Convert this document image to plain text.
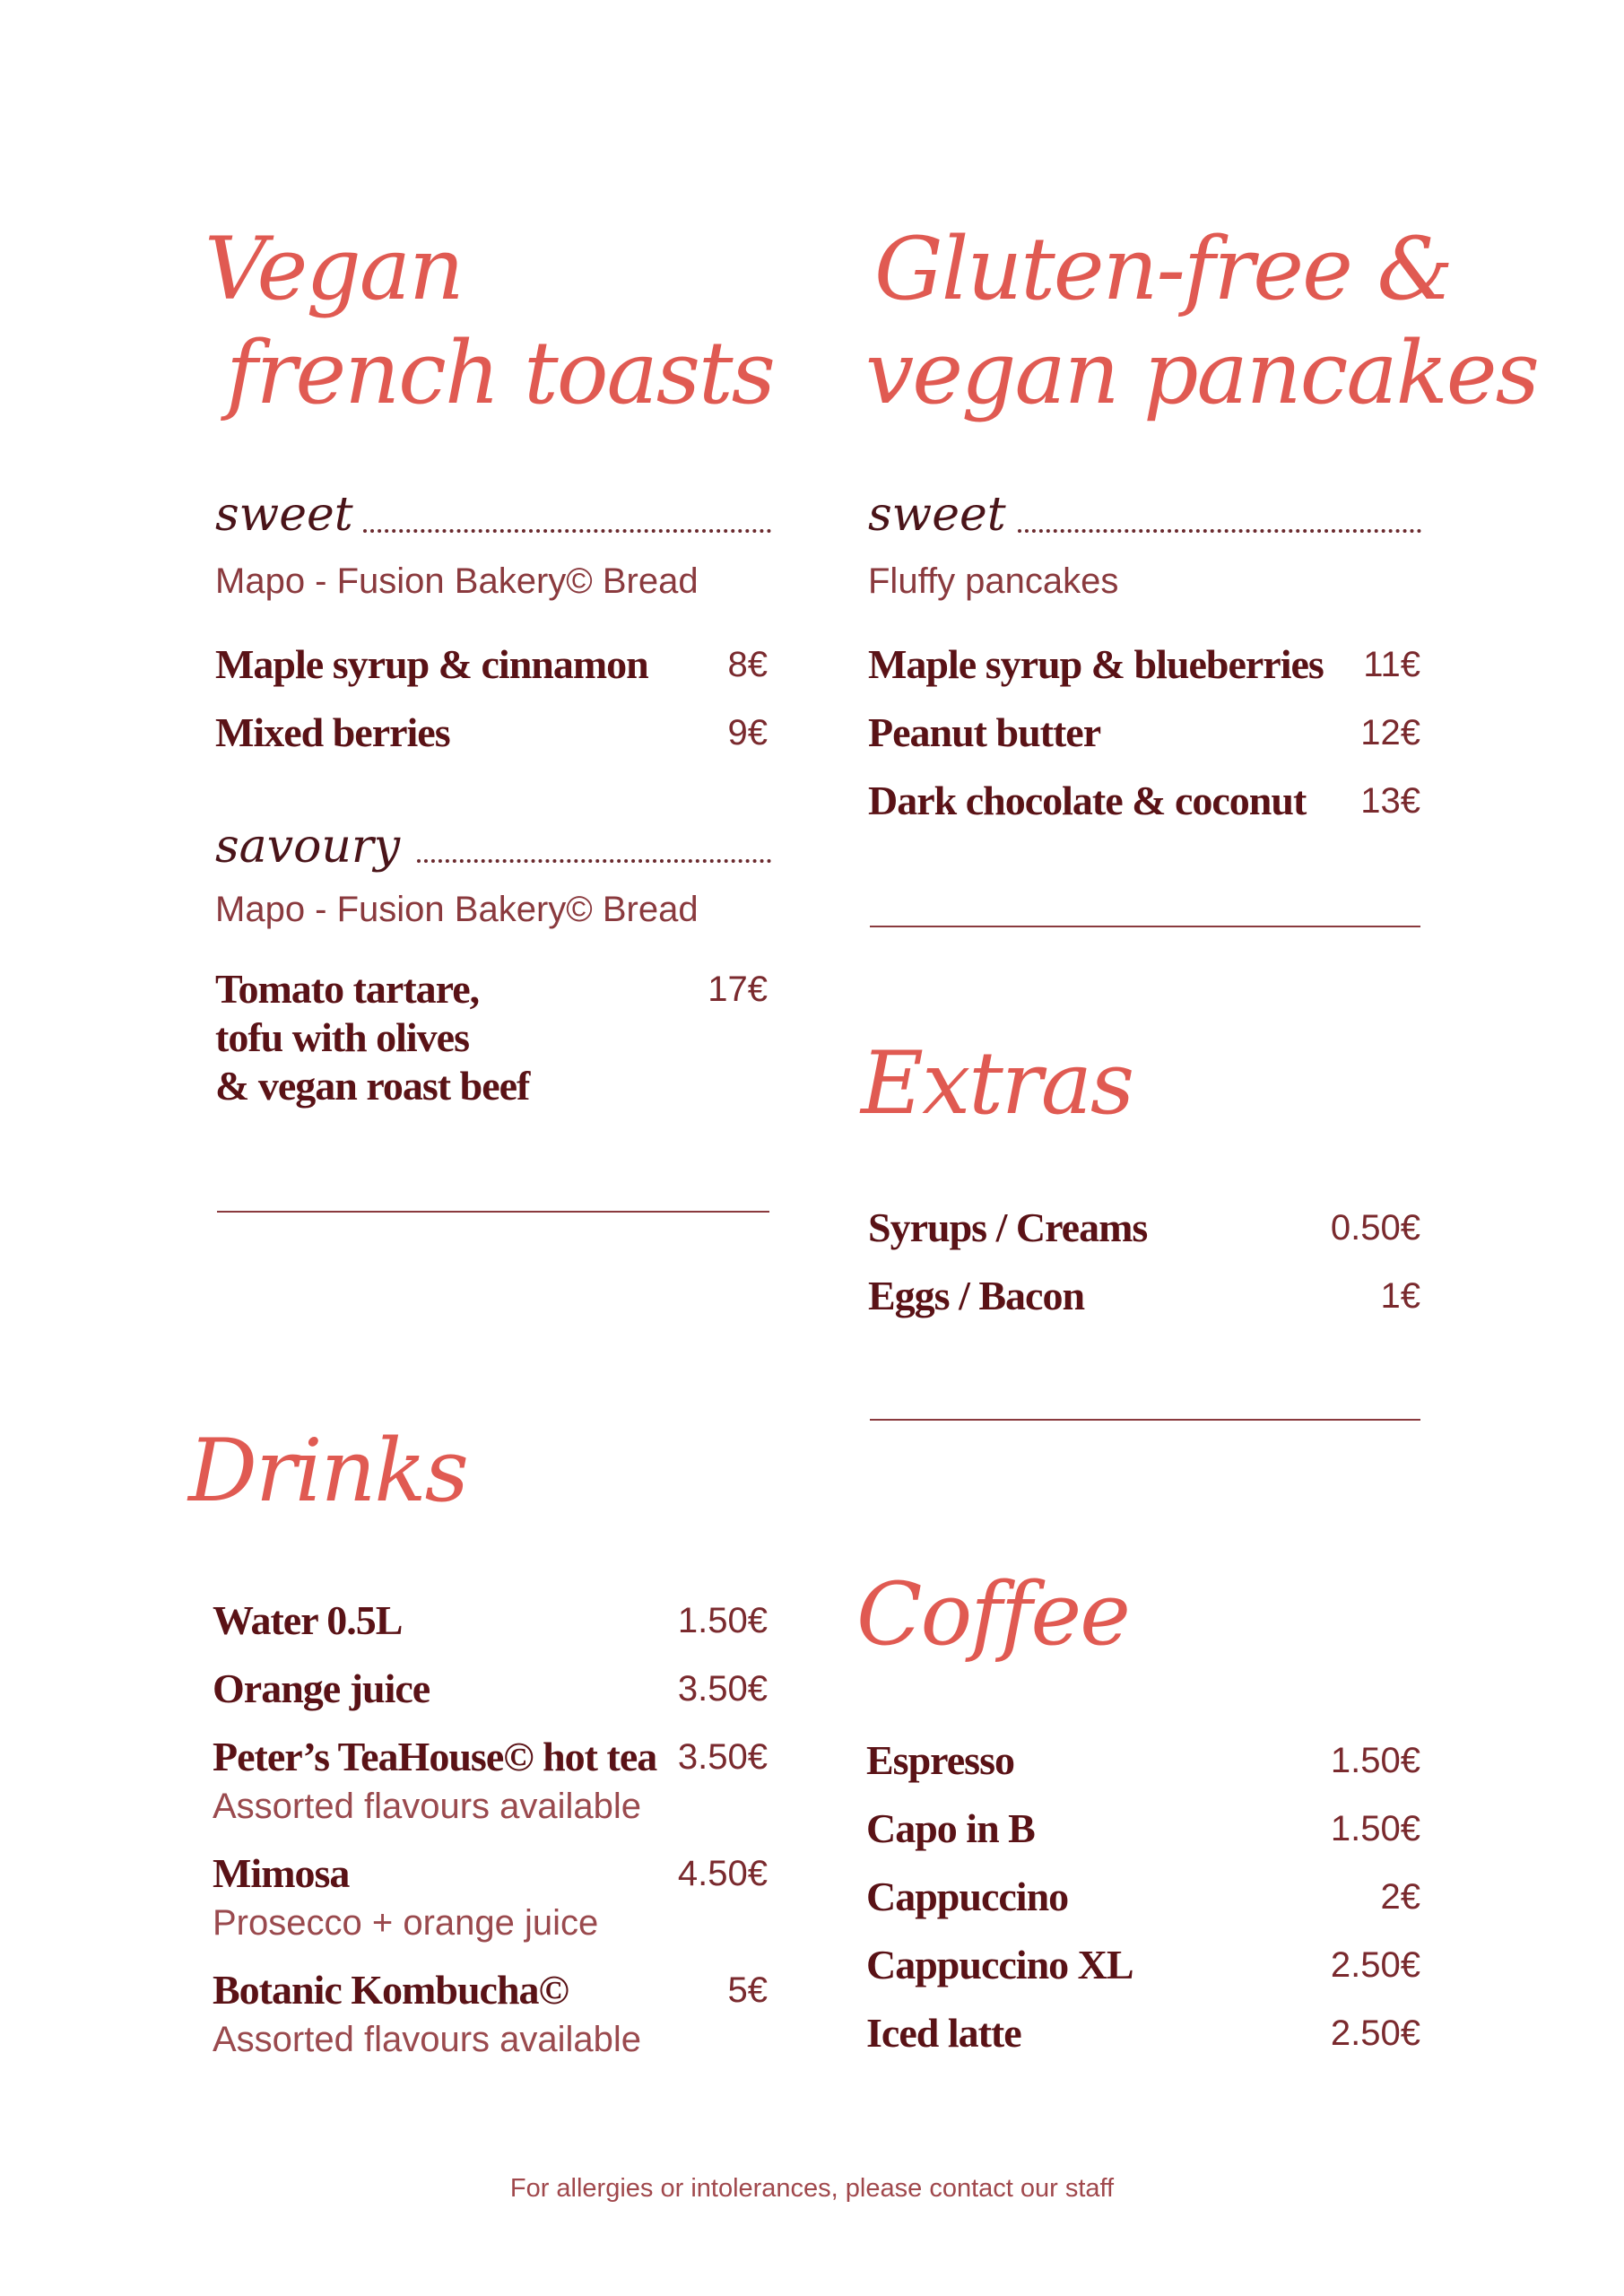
Vegan
french toasts
sweet
Mapo - Fusion Bakery© Bread
Maple syrup & cinnamon	8€
Mixed berries	9€
savoury
Mapo - Fusion Bakery© Bread
Tomato tartare,
tofu with olives
& vegan roast beef
17€
Gluten-free &
vegan pancakes
sweet
Fluffy pancakes
Maple syrup & blueberries	11€
Peanut butter	12€
Dark chocolate & coconut	13€
Extras
Syrups / Creams	0.50€
Eggs / Bacon	1€
Drinks
Water 0.5L	1.50€
Orange juice	3.50€
Peter’s TeaHouse© hot tea 3.50€
Assorted flavours available
Mimosa	4.50€
Prosecco + orange juice
Botanic Kombucha©	5€
Assorted flavours available
Coffee
Espresso	1.50€
Capo in B	1.50€
Cappuccino	2€
Cappuccino XL	2.50€
Iced latte	2.50€
For allergies or intolerances, please contact our staff
